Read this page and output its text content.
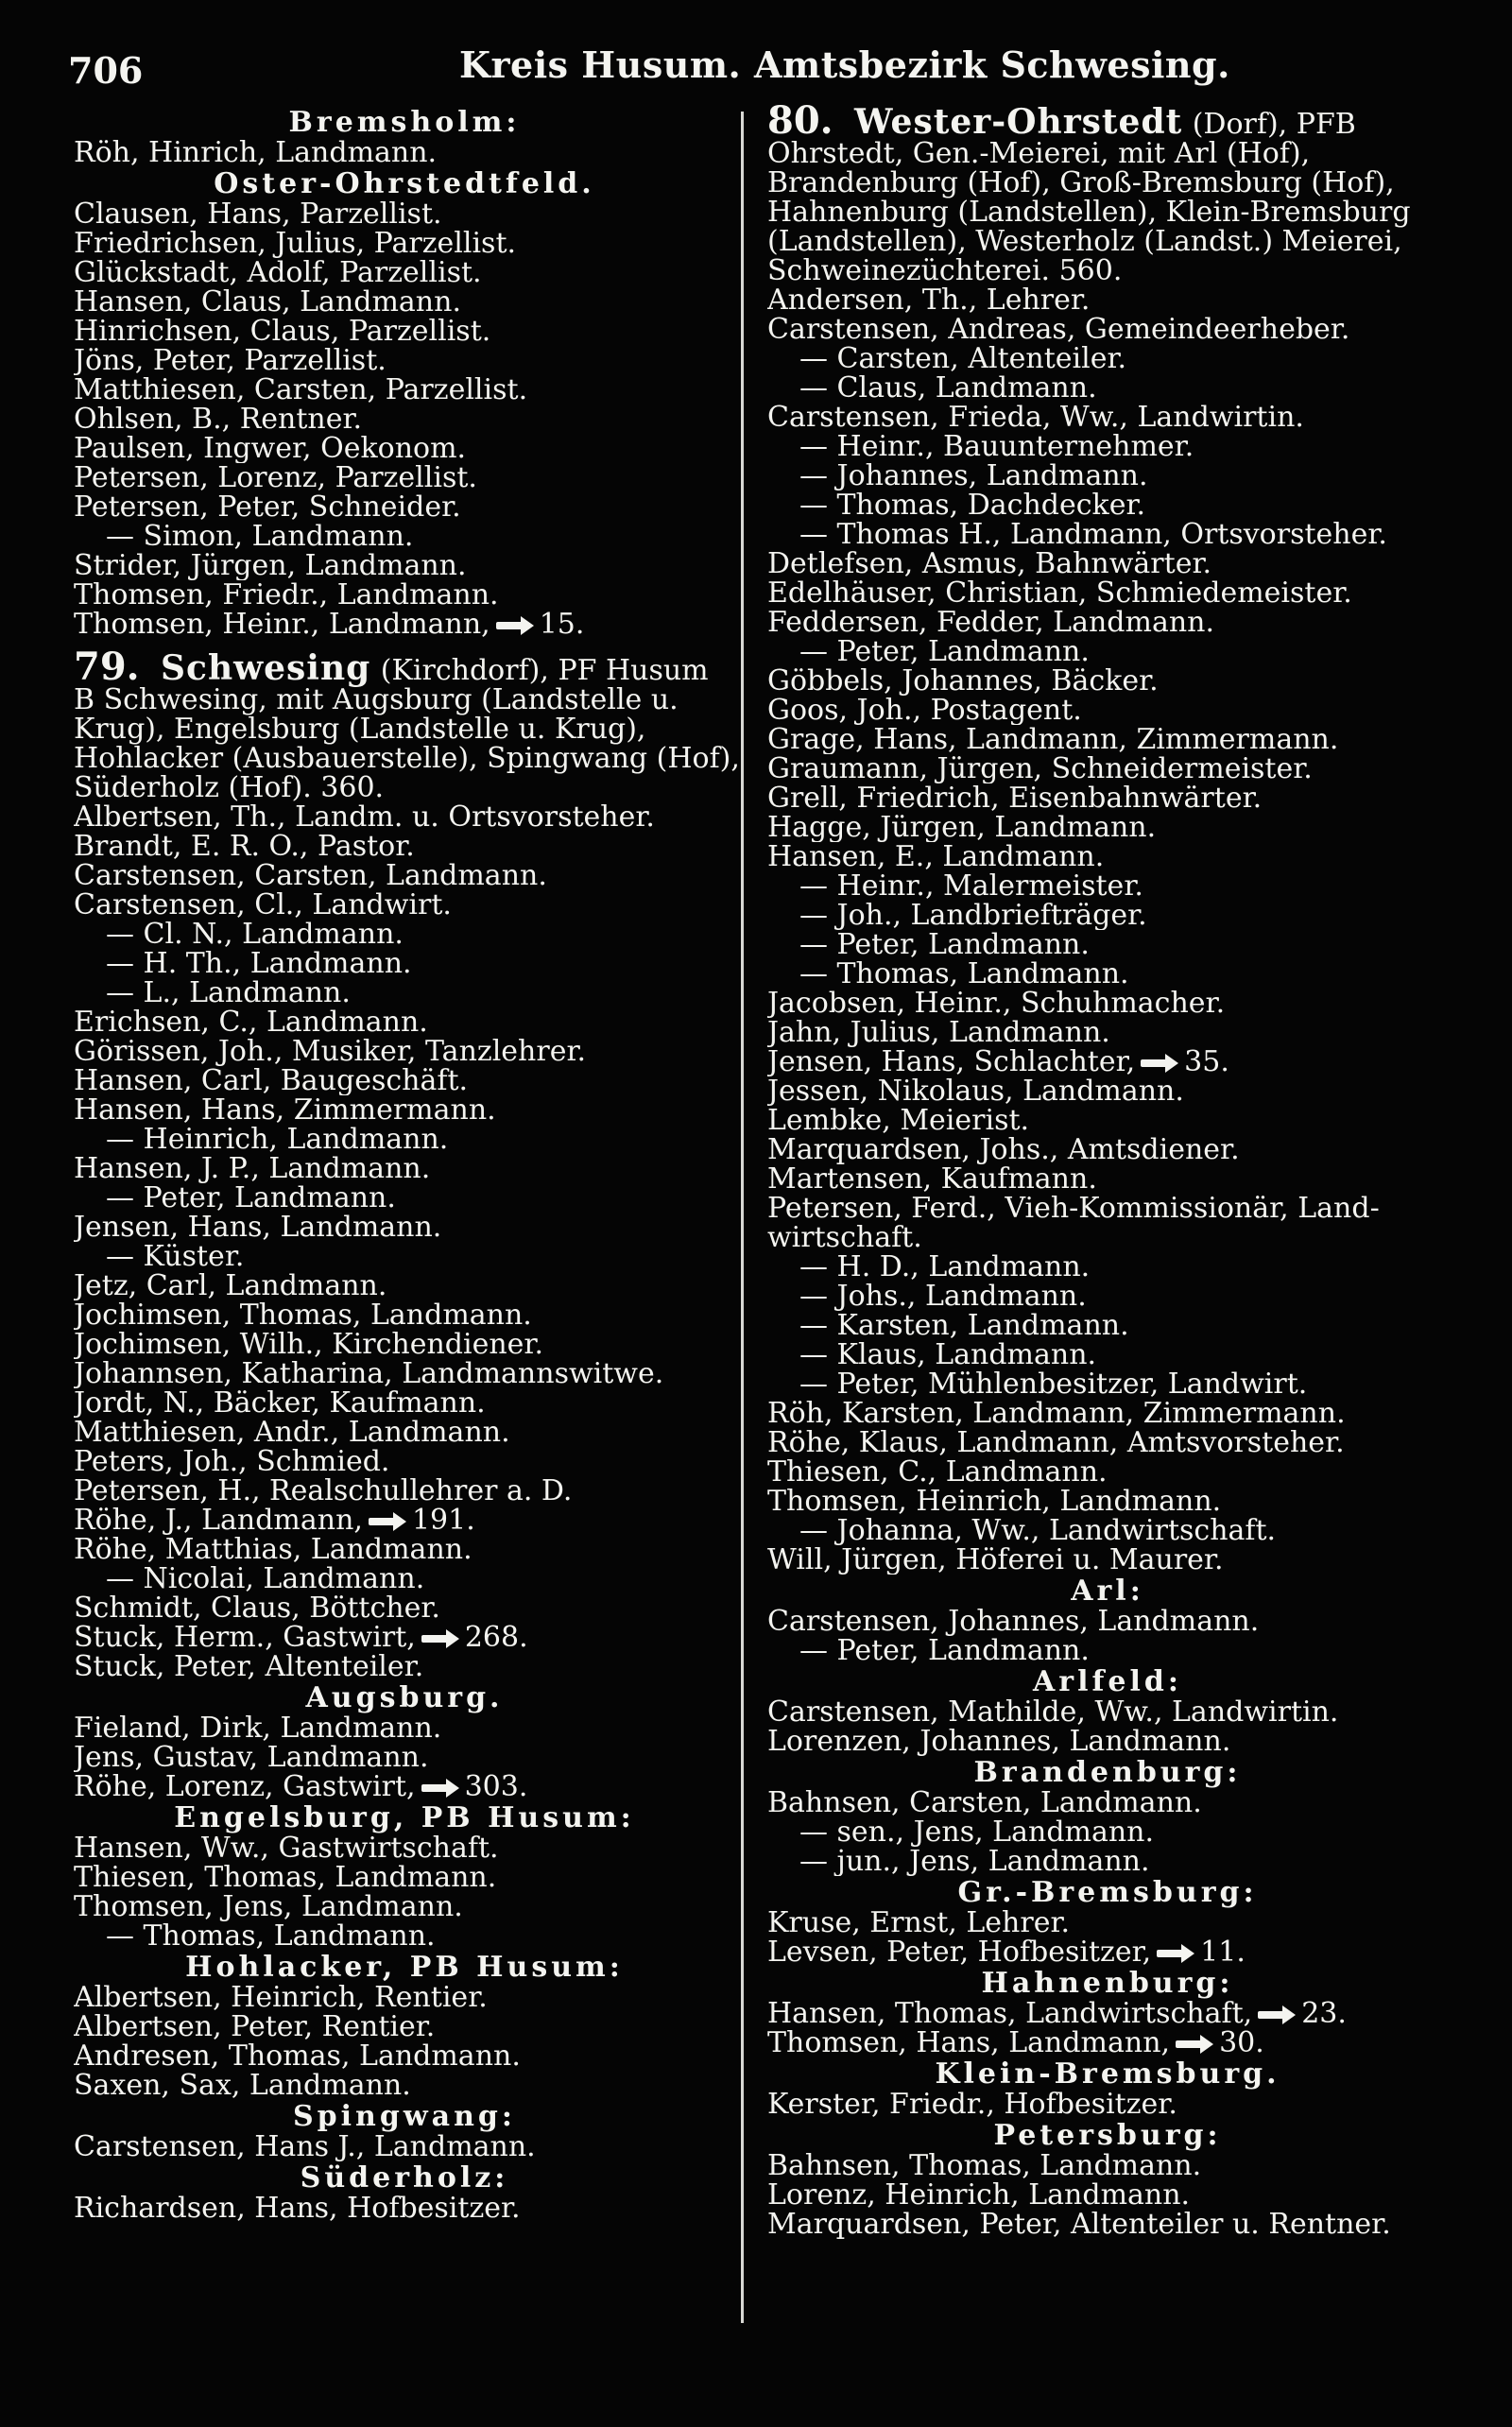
706	Kreis Husum. Amtsbezirk Schwesing.
Bremsholm:
Röh, Hinrich, Landmann.
Oster-Ohrstedtfeld.
Clausen, Hans, Parzellist.
Friedrichsen, Julius, Parzellist.
Glückstadt, Adolf, Parzellist.
Hansen, Claus, Landmann.
Hinrichsen, Claus, Parzellist.
Jöns, Peter, Parzellist.
Matthiesen, Carsten, Parzellist.
Ohlsen, B., Rentner.
Paulsen, Ingwer, Oekonom.
Petersen, Lorenz, Parzellist.
Petersen, Peter, Schneider.
— Simon, Landmann.
Strider, Jürgen, Landmann.
Thomsen, Friedr., Landmann.
Thomsen, Heinr., Landmann, 15.
79. Schwesing (Kirchdorf), PF Husum
B Schwesing, mit Augsburg (Landstelle u.
Krug), Engelsburg (Landstelle u. Krug),
Hohlacker (Ausbauerstelle), Spingwang (Hof),
Süderholz (Hof). 360.
Albertsen, Th., Landm. u. Ortsvorsteher.
Brandt, E. R. O., Pastor.
Carstensen, Carsten, Landmann.
Carstensen, Cl., Landwirt.
— Cl. N., Landmann.
— H. Th., Landmann.
— L., Landmann.
Erichsen, C., Landmann.
Görissen, Joh., Musiker, Tanzlehrer.
Hansen, Carl, Baugeschäft.
Hansen, Hans, Zimmermann.
— Heinrich, Landmann.
Hansen, J. P., Landmann.
— Peter, Landmann.
Jensen, Hans, Landmann.
— Küster.
Jetz, Carl, Landmann.
Jochimsen, Thomas, Landmann.
Jochimsen, Wilh., Kirchendiener.
Johannsen, Katharina, Landmannswitwe.
Jordt, N., Bäcker, Kaufmann.
Matthiesen, Andr., Landmann.
Peters, Joh., Schmied.
Petersen, H., Realschullehrer a. D.
Röhe, J., Landmann, 191.
Röhe, Matthias, Landmann.
— Nicolai, Landmann.
Schmidt, Claus, Böttcher.
Stuck, Herm., Gastwirt, 268.
Stuck, Peter, Altenteiler.
Augsburg.
Fieland, Dirk, Landmann.
Jens, Gustav, Landmann.
Röhe, Lorenz, Gastwirt, 303.
Engelsburg, PB Husum:
Hansen, Ww., Gastwirtschaft.
Thiesen, Thomas, Landmann.
Thomsen, Jens, Landmann.
— Thomas, Landmann.
Hohlacker, PB Husum:
Albertsen, Heinrich, Rentier.
Albertsen, Peter, Rentier.
Andresen, Thomas, Landmann.
Saxen, Sax, Landmann.
Spingwang:
Carstensen, Hans J., Landmann.
Süderholz:
Richardsen, Hans, Hofbesitzer.
80. Wester-Ohrstedt (Dorf), PFB
Ohrstedt, Gen.-Meierei, mit Arl (Hof),
Brandenburg (Hof), Groß-Bremsburg (Hof),
Hahnenburg (Landstellen), Klein-Bremsburg
(Landstellen), Westerholz (Landst.) Meierei,
Schweinezüchterei. 560.
Andersen, Th., Lehrer.
Carstensen, Andreas, Gemeindeerheber.
— Carsten, Altenteiler.
— Claus, Landmann.
Carstensen, Frieda, Ww., Landwirtin.
— Heinr., Bauunternehmer.
— Johannes, Landmann.
— Thomas, Dachdecker.
— Thomas H., Landmann, Ortsvorsteher.
Detlefsen, Asmus, Bahnwärter.
Edelhäuser, Christian, Schmiedemeister.
Feddersen, Fedder, Landmann.
— Peter, Landmann.
Göbbels, Johannes, Bäcker.
Goos, Joh., Postagent.
Grage, Hans, Landmann, Zimmermann.
Graumann, Jürgen, Schneidermeister.
Grell, Friedrich, Eisenbahnwärter.
Hagge, Jürgen, Landmann.
Hansen, E., Landmann.
— Heinr., Malermeister.
— Joh., Landbriefträger.
— Peter, Landmann.
— Thomas, Landmann.
Jacobsen, Heinr., Schuhmacher.
Jahn, Julius, Landmann.
Jensen, Hans, Schlachter, 35.
Jessen, Nikolaus, Landmann.
Lembke, Meierist.
Marquardsen, Johs., Amtsdiener.
Martensen, Kaufmann.
Petersen, Ferd., Vieh-Kommissionär, Land-
wirtschaft.
— H. D., Landmann.
— Johs., Landmann.
— Karsten, Landmann.
— Klaus, Landmann.
— Peter, Mühlenbesitzer, Landwirt.
Röh, Karsten, Landmann, Zimmermann.
Röhe, Klaus, Landmann, Amtsvorsteher.
Thiesen, C., Landmann.
Thomsen, Heinrich, Landmann.
— Johanna, Ww., Landwirtschaft.
Will, Jürgen, Höferei u. Maurer.
Arl:
Carstensen, Johannes, Landmann.
— Peter, Landmann.
Arlfeld:
Carstensen, Mathilde, Ww., Landwirtin.
Lorenzen, Johannes, Landmann.
Brandenburg:
Bahnsen, Carsten, Landmann.
— sen., Jens, Landmann.
— jun., Jens, Landmann.
Gr.-Bremsburg:
Kruse, Ernst, Lehrer.
Levsen, Peter, Hofbesitzer, 11.
Hahnenburg:
Hansen, Thomas, Landwirtschaft, 23.
Thomsen, Hans, Landmann, 30.
Klein-Bremsburg.
Kerster, Friedr., Hofbesitzer.
Petersburg:
Bahnsen, Thomas, Landmann.
Lorenz, Heinrich, Landmann.
Marquardsen, Peter, Altenteiler u. Rentner.
